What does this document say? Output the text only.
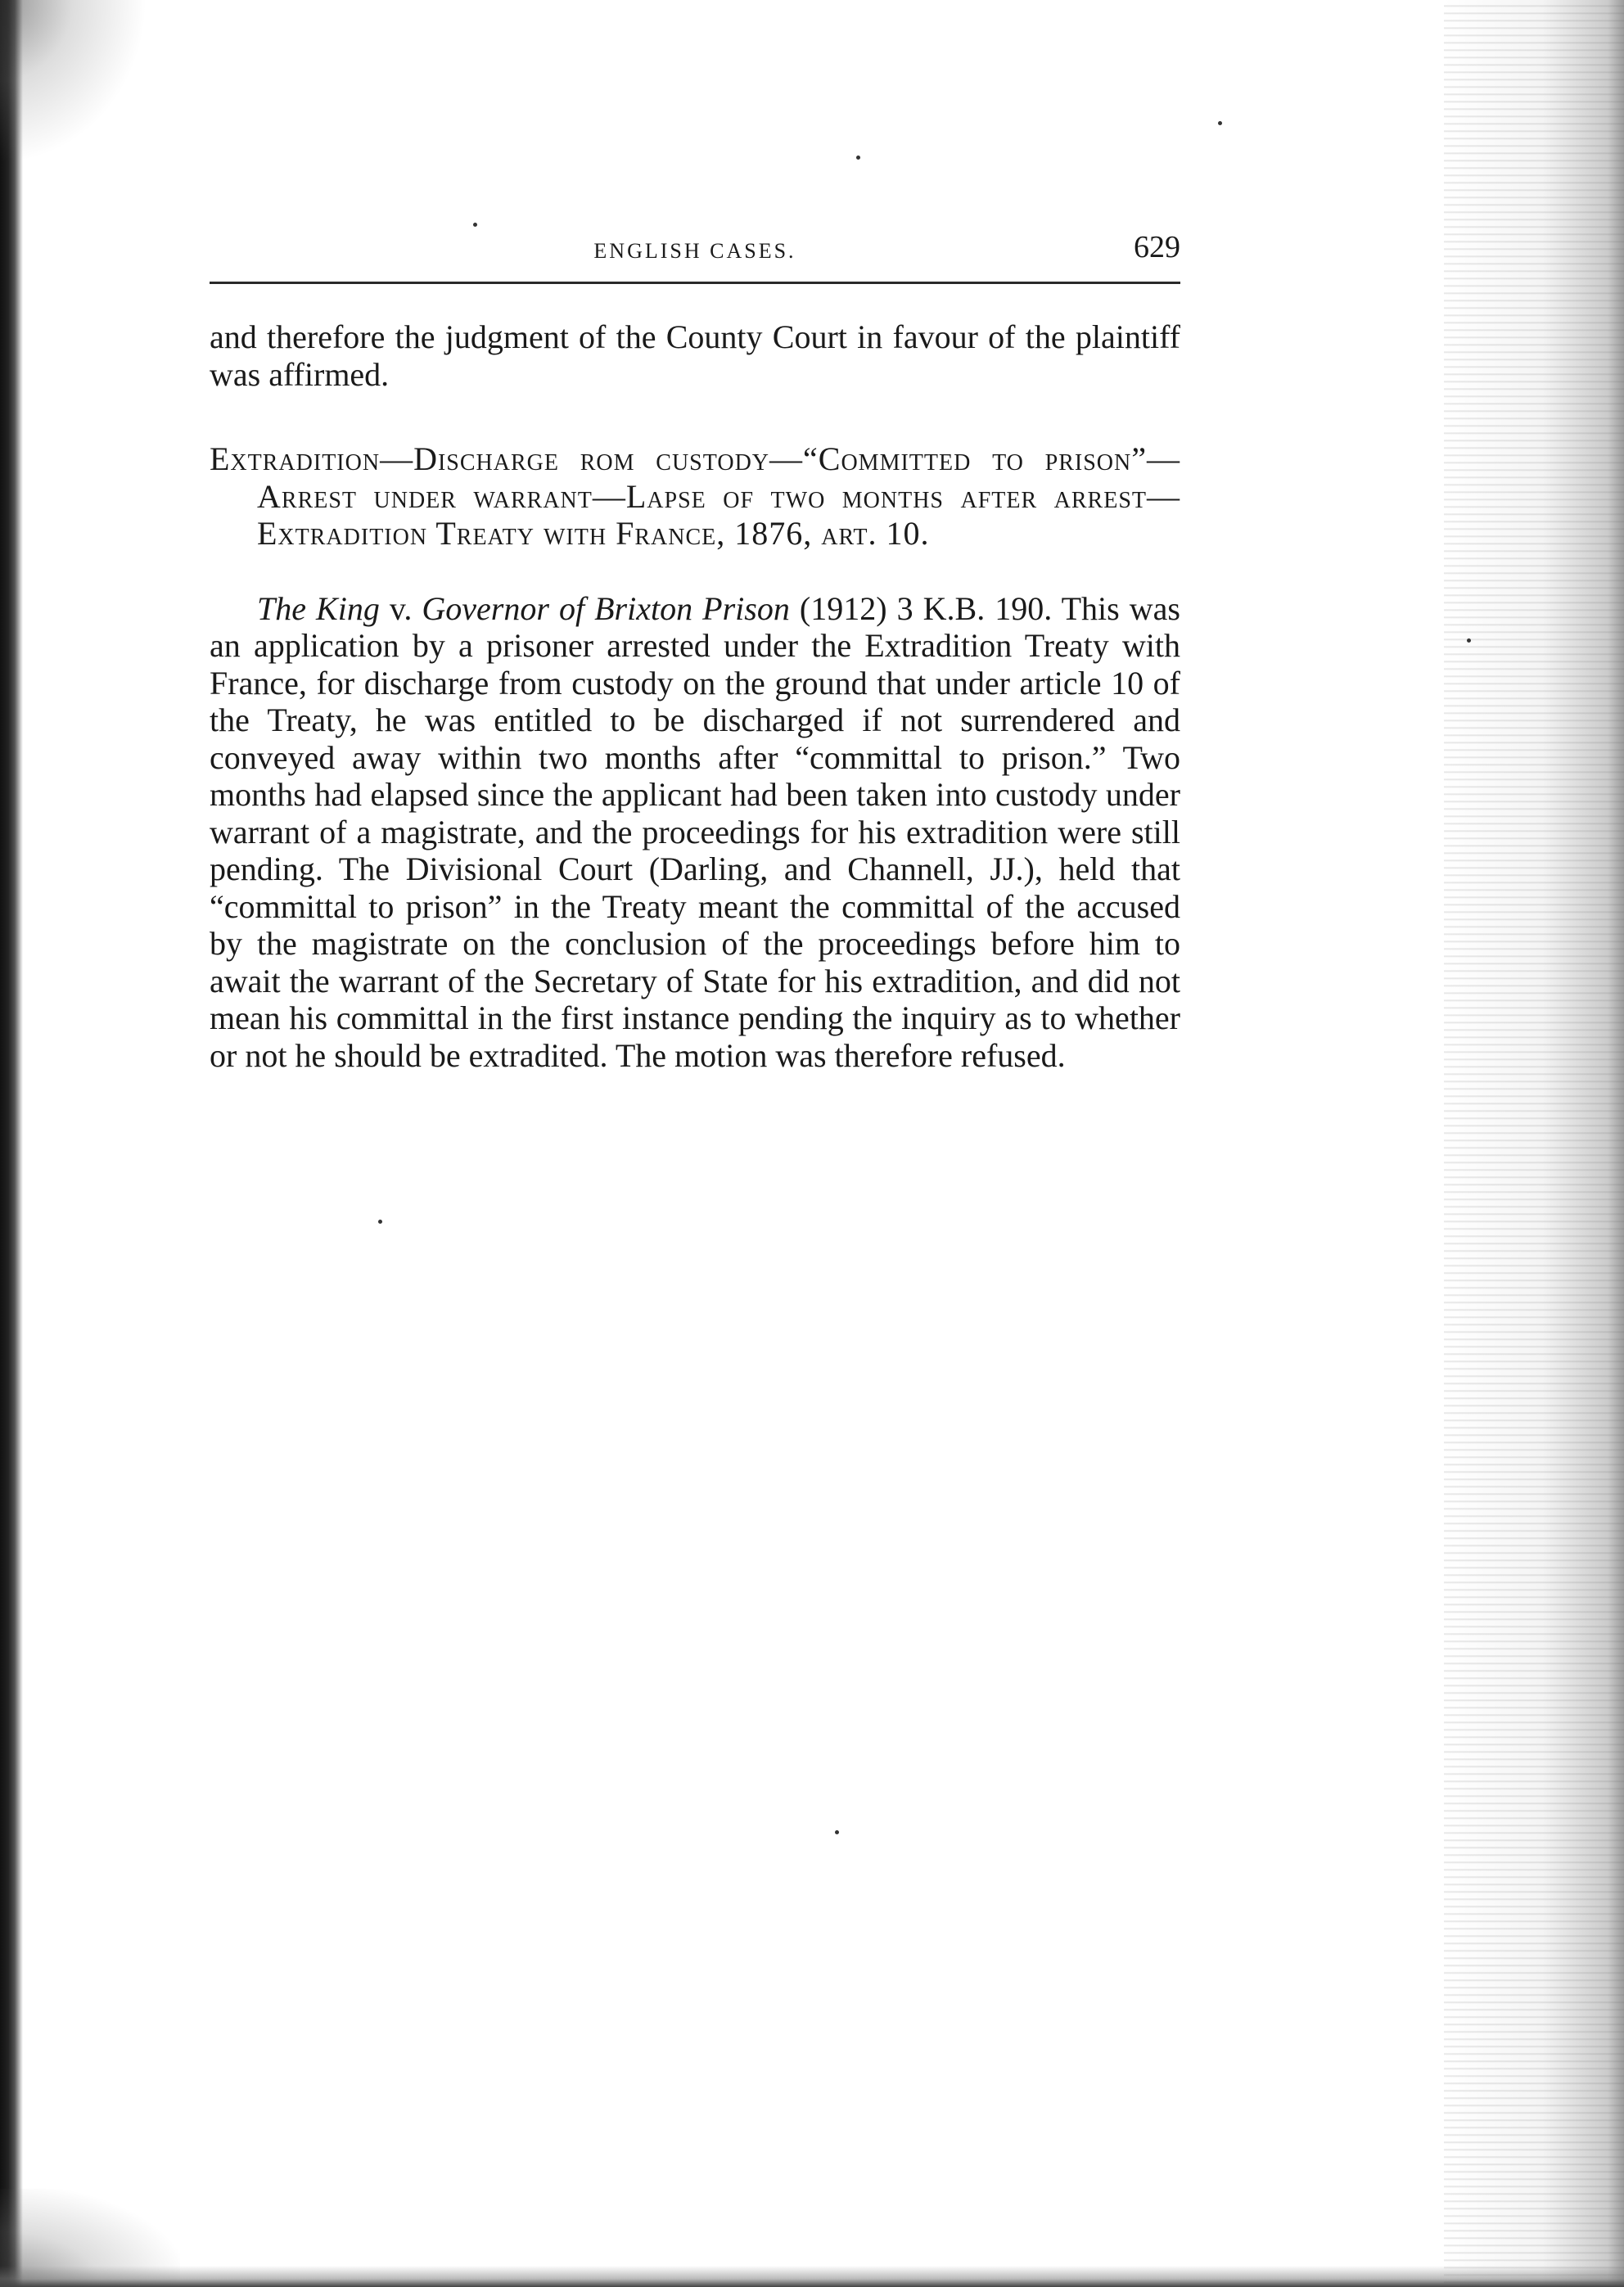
ENGLISH CASES.	629

and therefore the judgment of the County Court in favour of the plaintiff was affirmed.

Extradition—Discharge rom custody—“Committed to prison”—Arrest under warrant—Lapse of two months after arrest—Extradition Treaty with France, 1876, art. 10.

The King v. Governor of Brixton Prison (1912) 3 K.B. 190. This was an application by a prisoner arrested under the Extradition Treaty with France, for discharge from custody on the ground that under article 10 of the Treaty, he was entitled to be discharged if not surrendered and conveyed away within two months after “committal to prison.” Two months had elapsed since the applicant had been taken into custody under warrant of a magistrate, and the proceedings for his extradition were still pending. The Divisional Court (Darling, and Channell, JJ.), held that “committal to prison” in the Treaty meant the committal of the accused by the magistrate on the conclusion of the proceedings before him to await the warrant of the Secretary of State for his extradition, and did not mean his committal in the first instance pending the inquiry as to whether or not he should be extradited. The motion was therefore refused.
